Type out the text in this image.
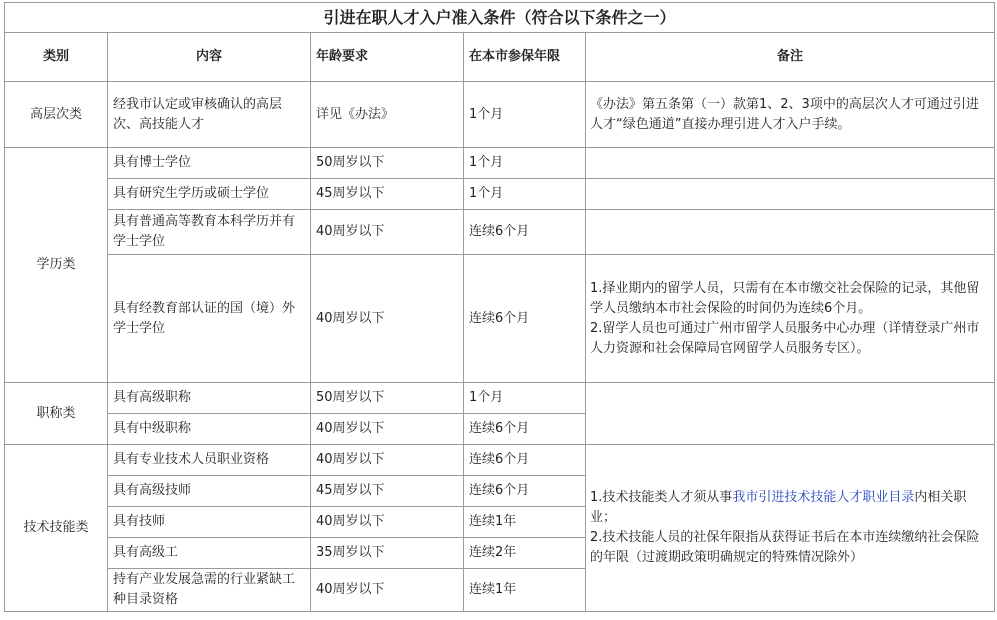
引进在职人才入户准入条件（符合以下条件之一）				
类别	内容	年龄要求	在本市参保年限	备注
高层次类	经我市认定或审核确认的高层次、高技能人才	详见《办法》	1个月	《办法》第五条第（一）款第1、2、3项中的高层次人才可通过引进人才“绿色通道”直接办理引进人才入户手续。
学历类	具有博士学位	50周岁以下	1个月	
	具有研究生学历或硕士学位	45周岁以下	1个月	
	具有普通高等教育本科学历并有学士学位	40周岁以下	连续6个月	
	具有经教育部认证的国（境）外学士学位	40周岁以下	连续6个月	1.择业期内的留学人员，只需有在本市缴交社会保险的记录，其他留学人员缴纳本市社会保险的时间仍为连续6个月。
2.留学人员也可通过广州市留学人员服务中心办理（详情登录广州市人力资源和社会保障局官网留学人员服务专区）。

职称类	具有高级职称	50周岁以下	1个月	
	具有中级职称	40周岁以下	连续6个月	
技术技能类	具有专业技术人员职业资格	40周岁以下	连续6个月	1.技术技能类人才须从事我市引进技术技能人才职业目录内相关职业；
2.技术技能人员的社保年限指从获得证书后在本市连续缴纳社会保险的年限（过渡期政策明确规定的特殊情况除外）

	具有高级技师	45周岁以下	连续6个月	
	具有技师	40周岁以下	连续1年	
	具有高级工	35周岁以下	连续2年	
	持有产业发展急需的行业紧缺工种目录资格	40周岁以下	连续1年	
